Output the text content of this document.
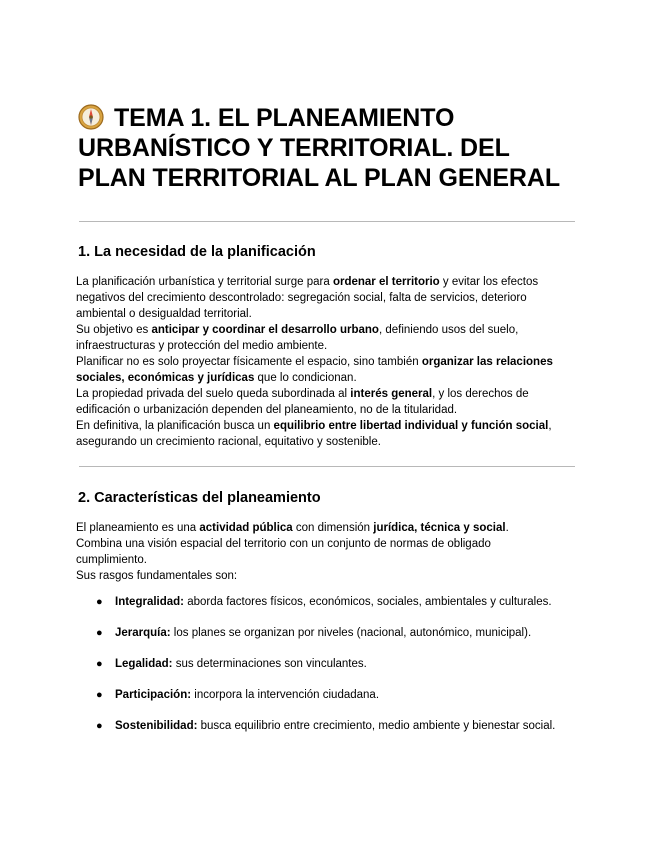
TEMA 1. EL PLANEAMIENTO
URBANÍSTICO Y TERRITORIAL. DEL
PLAN TERRITORIAL AL PLAN GENERAL
1. La necesidad de la planificación

La planificación urbanística y territorial surge para ordenar el territorio y evitar los efectos

negativos del crecimiento descontrolado: segregación social, falta de servicios, deterioro

ambiental o desigualdad territorial.

Su objetivo es anticipar y coordinar el desarrollo urbano, definiendo usos del suelo,

infraestructuras y protección del medio ambiente.

Planificar no es solo proyectar físicamente el espacio, sino también organizar las relaciones

sociales, económicas y jurídicas que lo condicionan.

La propiedad privada del suelo queda subordinada al interés general, y los derechos de

edificación o urbanización dependen del planeamiento, no de la titularidad.

En definitiva, la planificación busca un equilibrio entre libertad individual y función social,

asegurando un crecimiento racional, equitativo y sostenible.

2. Características del planeamiento

El planeamiento es una actividad pública con dimensión jurídica, técnica y social.

Combina una visión espacial del territorio con un conjunto de normas de obligado

cumplimiento.

Sus rasgos fundamentales son:

● Integralidad: aborda factores físicos, económicos, sociales, ambientales y culturales.
● Jerarquía: los planes se organizan por niveles (nacional, autonómico, municipal).
● Legalidad: sus determinaciones son vinculantes.
● Participación: incorpora la intervención ciudadana.
● Sostenibilidad: busca equilibrio entre crecimiento, medio ambiente y bienestar social.
